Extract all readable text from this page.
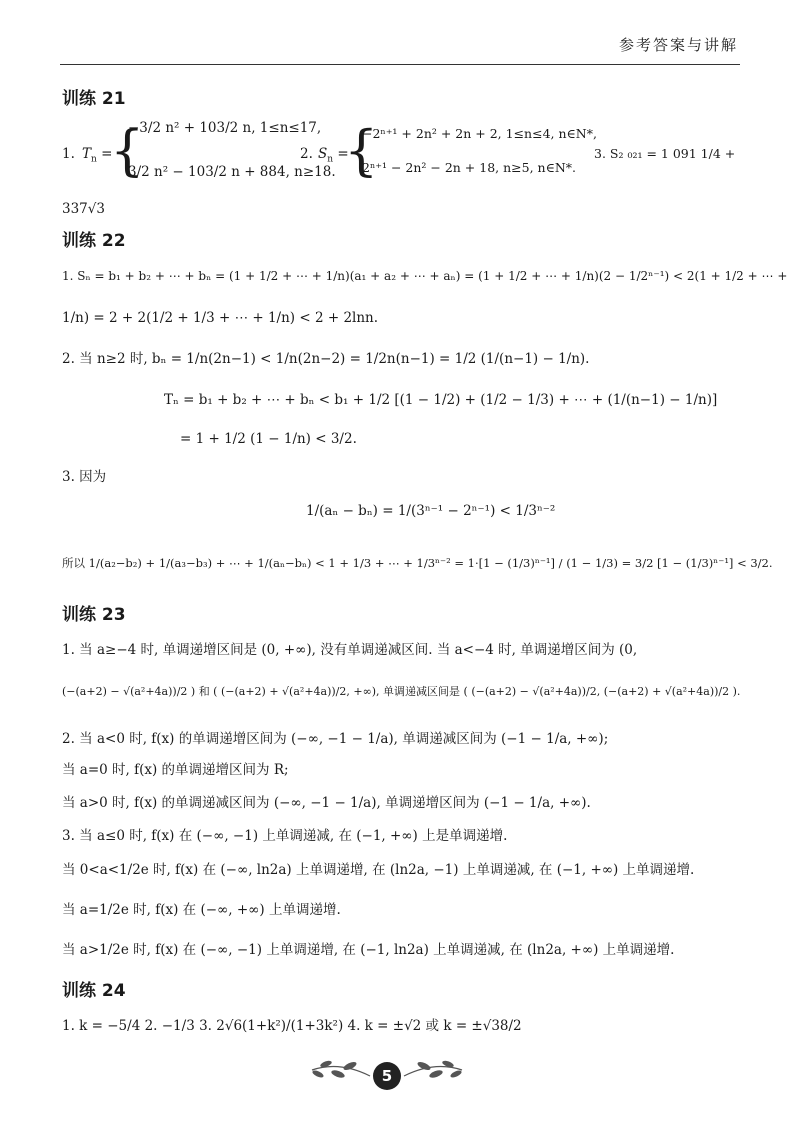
参考答案与讲解
训练 21
1. $T_n$ =
{
−3/2 n² + 103/2 n, 1≤n≤17,
3/2 n² − 103/2 n + 884, n≥18.
2. $S_n$ =
{
−2ⁿ⁺¹ + 2n² + 2n + 2, 1≤n≤4, n∈N*,
2ⁿ⁺¹ − 2n² − 2n + 18, n≥5, n∈N*.
3. S₂ ₀₂₁ = 1 091 1/4 +
337√3
训练 22
1. Sₙ = b₁ + b₂ + ⋯ + bₙ = (1 + 1/2 + ⋯ + 1/n)(a₁ + a₂ + ⋯ + aₙ) = (1 + 1/2 + ⋯ + 1/n)(2 − 1/2ⁿ⁻¹) < 2(1 + 1/2 + ⋯ +
1/n) = 2 + 2(1/2 + 1/3 + ⋯ + 1/n) < 2 + 2lnn.
2. 当 n≥2 时, bₙ = 1/n(2n−1) < 1/n(2n−2) = 1/2n(n−1) = 1/2 (1/(n−1) − 1/n).
Tₙ = b₁ + b₂ + ⋯ + bₙ < b₁ + 1/2 [(1 − 1/2) + (1/2 − 1/3) + ⋯ + (1/(n−1) − 1/n)]
= 1 + 1/2 (1 − 1/n) < 3/2.
3. 因为
1/(aₙ − bₙ) = 1/(3ⁿ⁻¹ − 2ⁿ⁻¹) < 1/3ⁿ⁻²
所以 1/(a₂−b₂) + 1/(a₃−b₃) + ⋯ + 1/(aₙ−bₙ) < 1 + 1/3 + ⋯ + 1/3ⁿ⁻² = 1·[1 − (1/3)ⁿ⁻¹] / (1 − 1/3) = 3/2 [1 − (1/3)ⁿ⁻¹] < 3/2.
训练 23
1. 当 a≥−4 时, 单调递增区间是 (0, +∞), 没有单调递减区间. 当 a<−4 时, 单调递增区间为 (0,
(−(a+2) − √(a²+4a))/2 ) 和 ( (−(a+2) + √(a²+4a))/2, +∞), 单调递减区间是 ( (−(a+2) − √(a²+4a))/2, (−(a+2) + √(a²+4a))/2 ).
2. 当 a<0 时, f(x) 的单调递增区间为 (−∞, −1 − 1/a), 单调递减区间为 (−1 − 1/a, +∞);
当 a=0 时, f(x) 的单调递增区间为 R;
当 a>0 时, f(x) 的单调递减区间为 (−∞, −1 − 1/a), 单调递增区间为 (−1 − 1/a, +∞).
3. 当 a≤0 时, f(x) 在 (−∞, −1) 上单调递减, 在 (−1, +∞) 上是单调递增.
当 0<a<1/2e 时, f(x) 在 (−∞, ln2a) 上单调递增, 在 (ln2a, −1) 上单调递减, 在 (−1, +∞) 上单调递增.
当 a=1/2e 时, f(x) 在 (−∞, +∞) 上单调递增.
当 a>1/2e 时, f(x) 在 (−∞, −1) 上单调递增, 在 (−1, ln2a) 上单调递减, 在 (ln2a, +∞) 上单调递增.
训练 24
1. k = −5/4 2. −1/3 3. 2√6(1+k²)/(1+3k²) 4. k = ±√2 或 k = ±√38/2
5
